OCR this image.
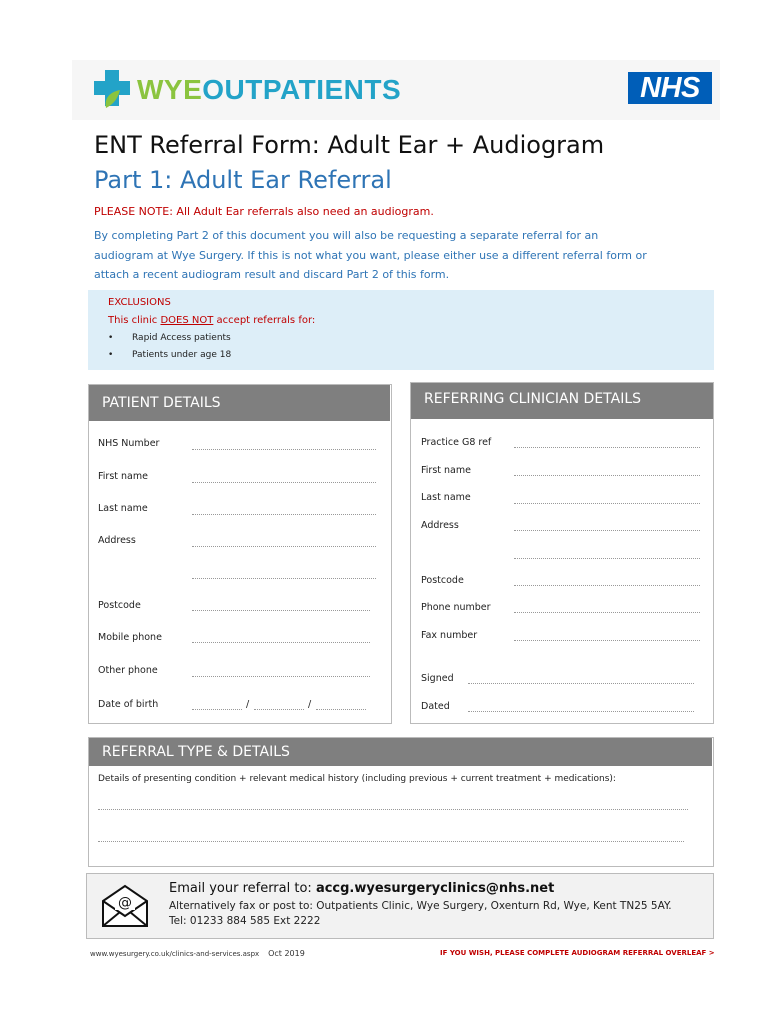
WYEOUTPATIENTS	NHS
ENT Referral Form: Adult Ear + Audiogram
Part 1: Adult Ear Referral
PLEASE NOTE: All Adult Ear referrals also need an audiogram.
By completing Part 2 of this document you will also be requesting a separate referral for an
audiogram at Wye Surgery. If this is not what you want, please either use a different referral form or
attach a recent audiogram result and discard Part 2 of this form.
EXCLUSIONS
This clinic DOES NOT accept referrals for:
• Rapid Access patients
• Patients under age 18
PATIENT DETAILS
NHS Number
First name
Last name
Address
Postcode
Mobile phone
Other phone
Date of birth	/	/
REFERRING CLINICIAN DETAILS
Practice G8 ref
First name
Last name
Address
Postcode
Phone number
Fax number
Signed
Dated
REFERRAL TYPE & DETAILS
Details of presenting condition + relevant medical history (including previous + current treatment + medications):
@
Email your referral to: accg.wyesurgeryclinics@nhs.net
Alternatively fax or post to: Outpatients Clinic, Wye Surgery, Oxenturn Rd, Wye, Kent TN25 5AY.
Tel: 01233 884 585 Ext 2222
www.wyesurgery.co.uk/clinics-and-services.aspx Oct 2019	IF YOU WISH, PLEASE COMPLETE AUDIOGRAM REFERRAL OVERLEAF >
